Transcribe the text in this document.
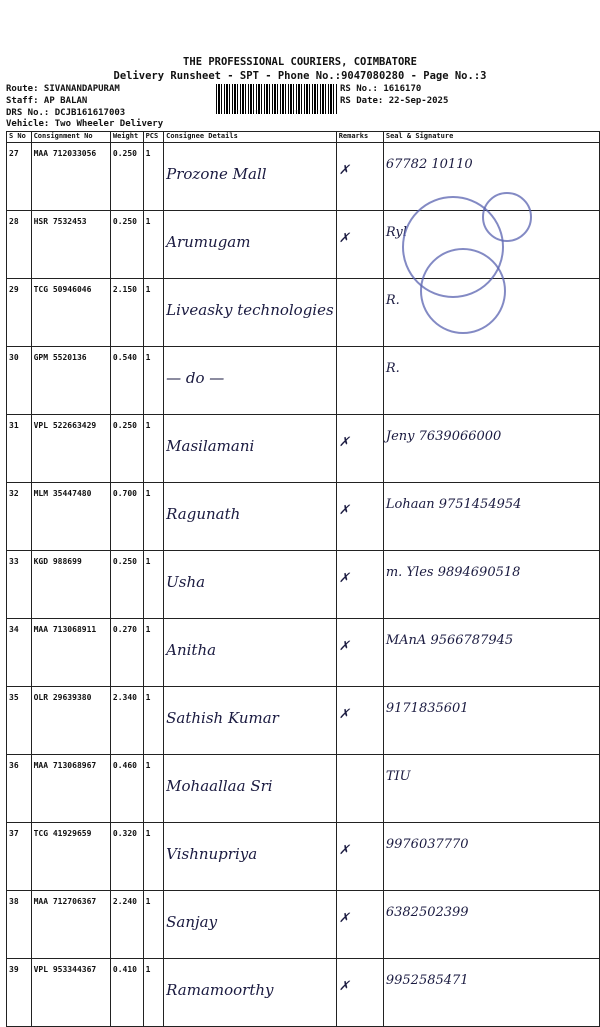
THE PROFESSIONAL COURIERS, COIMBATORE
Delivery Runsheet - SPT - Phone No.:9047080280 - Page No.:3
Route: SIVANANDAPURAM
Staff: AP BALAN
DRS No.: DCJB161617003
Vehicle: Two Wheeler Delivery
RS No.: 1616170
RS Date: 22-Sep-2025
S No	Consignment No	Weight	PCS	Consignee Details	Remarks	Seal & Signature
27	MAA 712033056	0.250	1	Prozone Mall	✗	67782 10110
28	HSR 7532453	0.250	1	Arumugam	✗	Ryl
29	TCG 50946046	2.150	1	Liveasky technologies		R.
30	GPM 5520136	0.540	1	— do —		R.
31	VPL 522663429	0.250	1	Masilamani	✗	Jeny 7639066000
32	MLM 35447480	0.700	1	Ragunath	✗	Lohaan 9751454954
33	KGD 988699	0.250	1	Usha	✗	m. Yles 9894690518
34	MAA 713068911	0.270	1	Anitha	✗	MAnA 9566787945
35	OLR 29639380	2.340	1	Sathish Kumar	✗	9171835601
36	MAA 713068967	0.460	1	Mohaallaa Sri		TIU
37	TCG 41929659	0.320	1	Vishnupriya	✗	9976037770
38	MAA 712706367	2.240	1	Sanjay	✗	6382502399
39	VPL 953344367	0.410	1	Ramamoorthy	✗	9952585471
